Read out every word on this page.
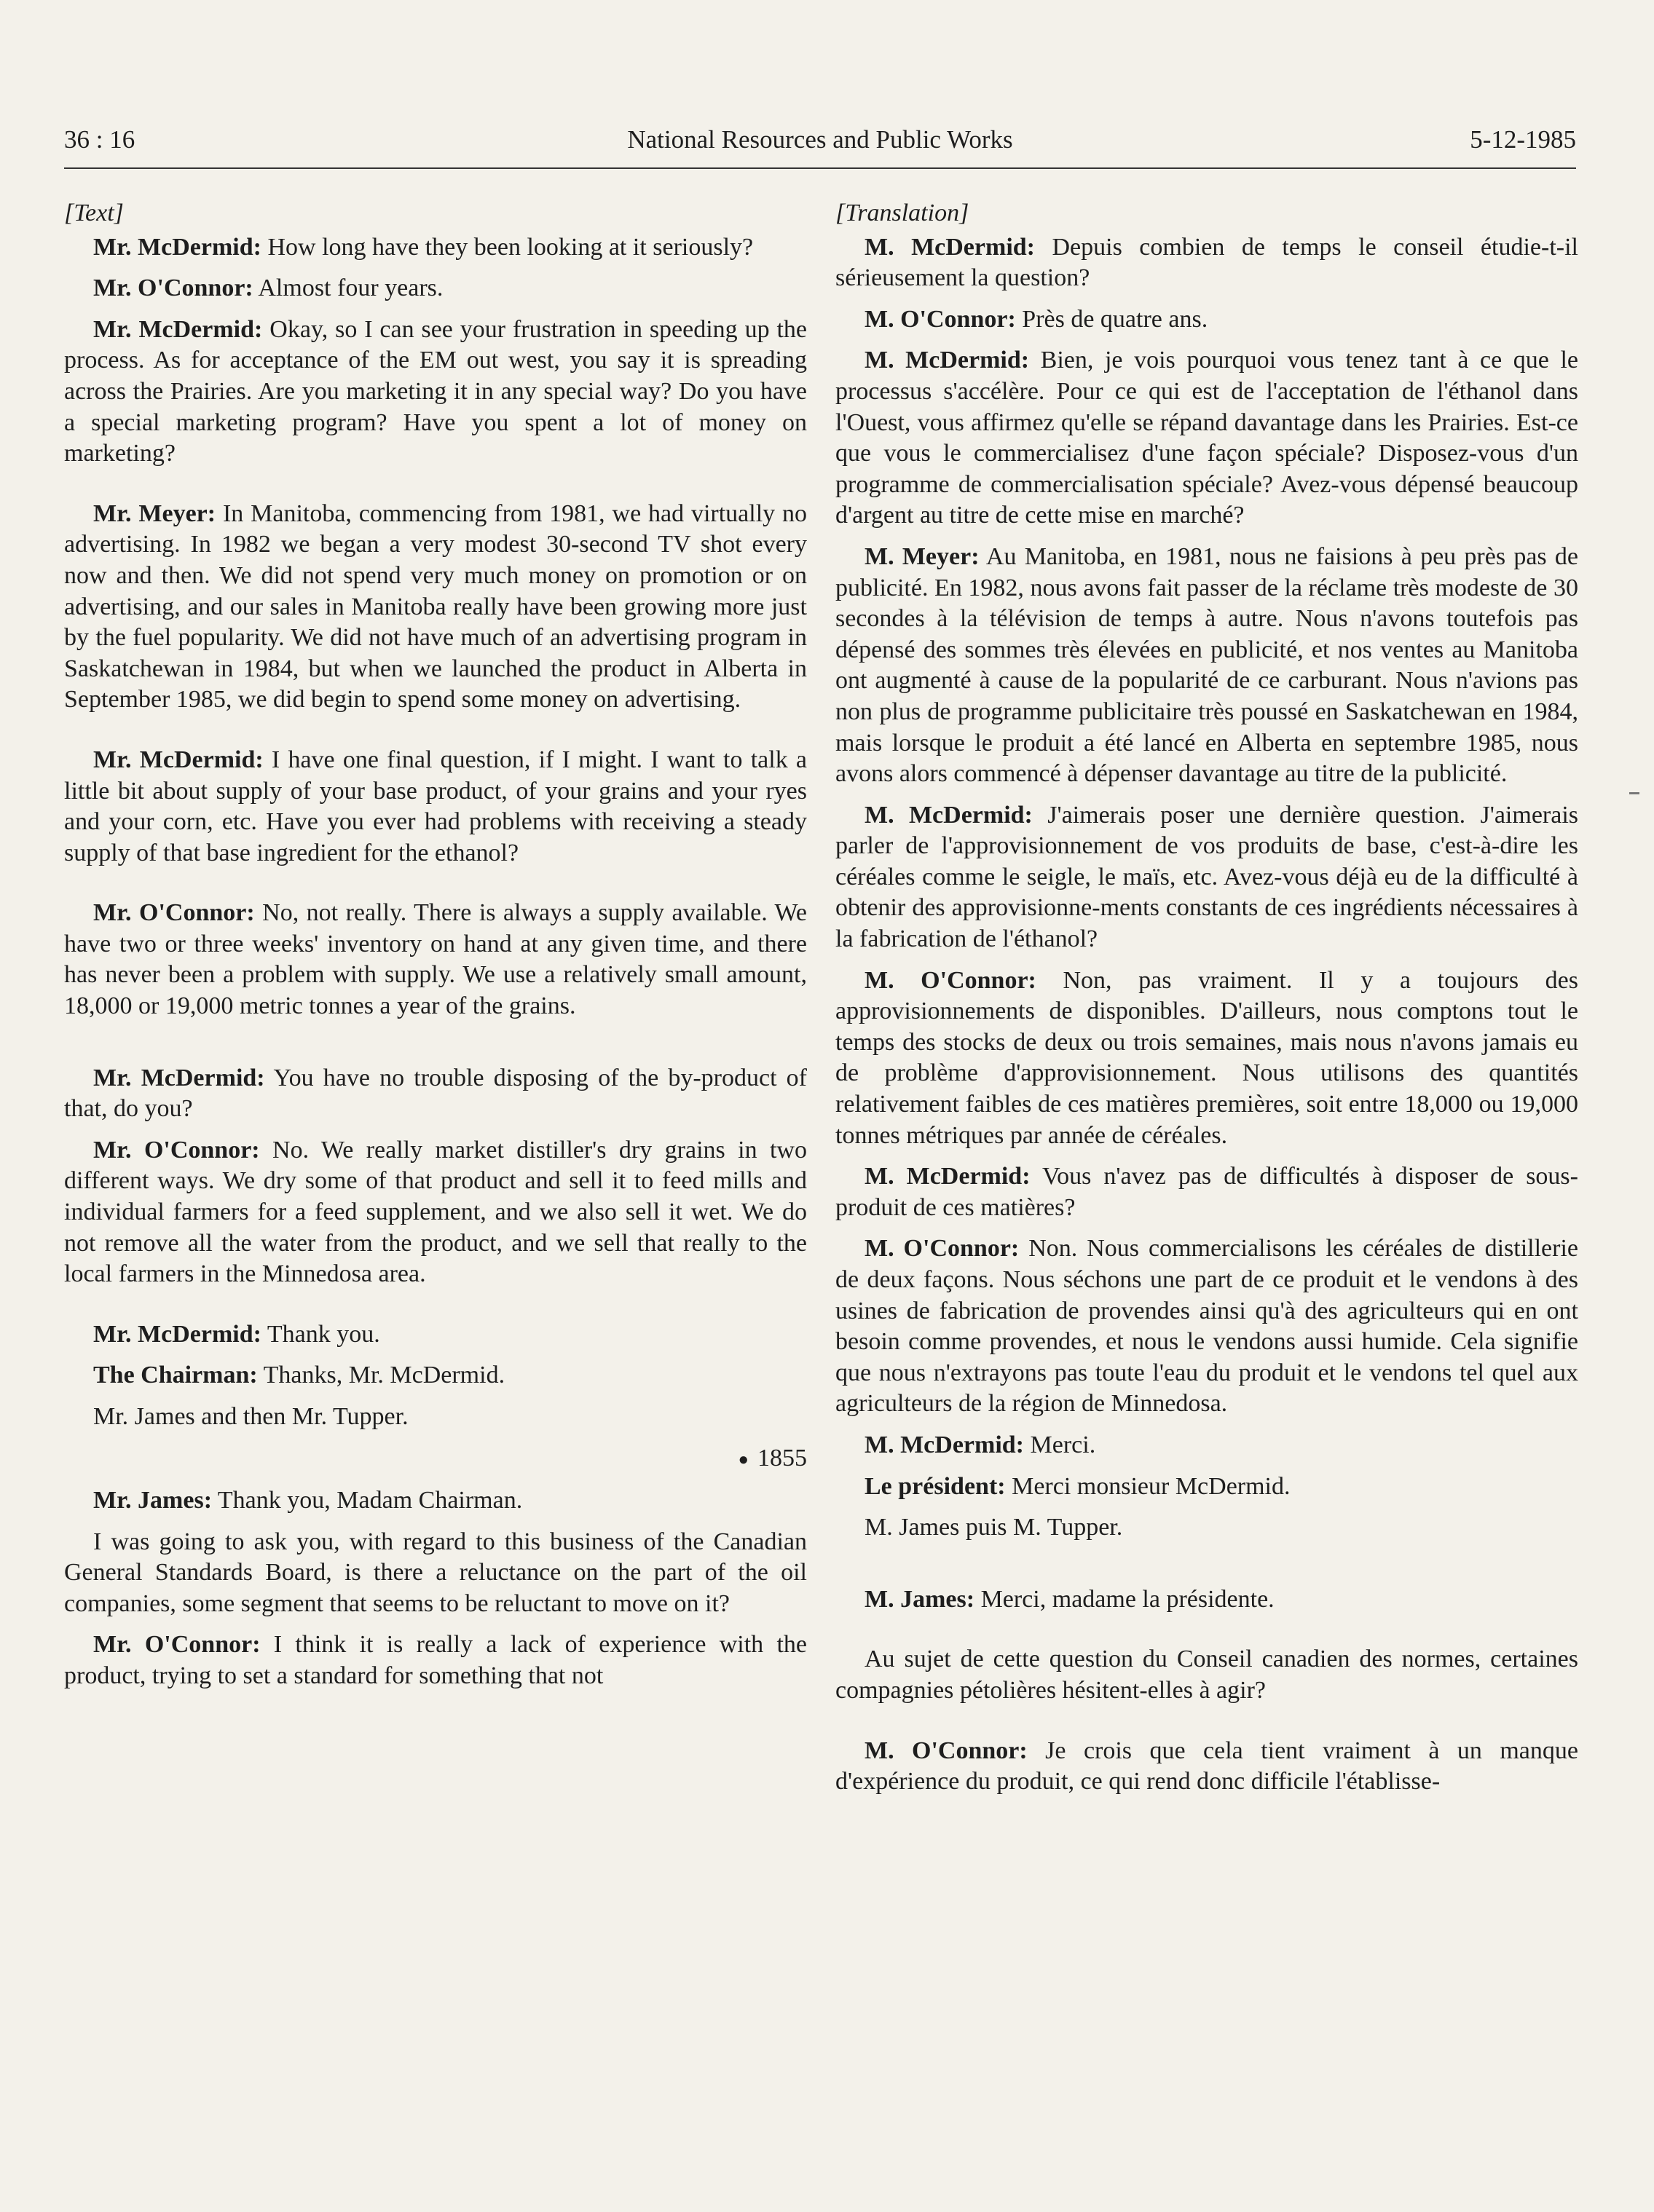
36 : 16	National Resources and Public Works	5-12-1985
[Text]

Mr. McDermid: How long have they been looking at it seriously?

Mr. O'Connor: Almost four years.

Mr. McDermid: Okay, so I can see your frustration in speeding up the process. As for acceptance of the EM out west, you say it is spreading across the Prairies. Are you marketing it in any special way? Do you have a special marketing program? Have you spent a lot of money on marketing?

Mr. Meyer: In Manitoba, commencing from 1981, we had virtually no advertising. In 1982 we began a very modest 30-second TV shot every now and then. We did not spend very much money on promotion or on advertising, and our sales in Manitoba really have been growing more just by the fuel popularity. We did not have much of an advertising program in Saskatchewan in 1984, but when we launched the product in Alberta in September 1985, we did begin to spend some money on advertising.

Mr. McDermid: I have one final question, if I might. I want to talk a little bit about supply of your base product, of your grains and your ryes and your corn, etc. Have you ever had problems with receiving a steady supply of that base ingredient for the ethanol?

Mr. O'Connor: No, not really. There is always a supply available. We have two or three weeks' inventory on hand at any given time, and there has never been a problem with supply. We use a relatively small amount, 18,000 or 19,000 metric tonnes a year of the grains.

Mr. McDermid: You have no trouble disposing of the by-product of that, do you?

Mr. O'Connor: No. We really market distiller's dry grains in two different ways. We dry some of that product and sell it to feed mills and individual farmers for a feed supplement, and we also sell it wet. We do not remove all the water from the product, and we sell that really to the local farmers in the Minnedosa area.

Mr. McDermid: Thank you.

The Chairman: Thanks, Mr. McDermid.

Mr. James and then Mr. Tupper.

● 1855

Mr. James: Thank you, Madam Chairman.

I was going to ask you, with regard to this business of the Canadian General Standards Board, is there a reluctance on the part of the oil companies, some segment that seems to be reluctant to move on it?

Mr. O'Connor: I think it is really a lack of experience with the product, trying to set a standard for something that not

[Translation]

M. McDermid: Depuis combien de temps le conseil étudie-t-il sérieusement la question?

M. O'Connor: Près de quatre ans.

M. McDermid: Bien, je vois pourquoi vous tenez tant à ce que le processus s'accélère. Pour ce qui est de l'acceptation de l'éthanol dans l'Ouest, vous affirmez qu'elle se répand davantage dans les Prairies. Est-ce que vous le commercialisez d'une façon spéciale? Disposez-vous d'un programme de commercialisation spéciale? Avez-vous dépensé beaucoup d'argent au titre de cette mise en marché?

M. Meyer: Au Manitoba, en 1981, nous ne faisions à peu près pas de publicité. En 1982, nous avons fait passer de la réclame très modeste de 30 secondes à la télévision de temps à autre. Nous n'avons toutefois pas dépensé des sommes très élevées en publicité, et nos ventes au Manitoba ont augmenté à cause de la popularité de ce carburant. Nous n'avions pas non plus de programme publicitaire très poussé en Saskatchewan en 1984, mais lorsque le produit a été lancé en Alberta en septembre 1985, nous avons alors commencé à dépenser davantage au titre de la publicité.

M. McDermid: J'aimerais poser une dernière question. J'aimerais parler de l'approvisionnement de vos produits de base, c'est-à-dire les céréales comme le seigle, le maïs, etc. Avez-vous déjà eu de la difficulté à obtenir des approvisionne-ments constants de ces ingrédients nécessaires à la fabrication de l'éthanol?

M. O'Connor: Non, pas vraiment. Il y a toujours des approvisionnements de disponibles. D'ailleurs, nous comptons tout le temps des stocks de deux ou trois semaines, mais nous n'avons jamais eu de problème d'approvisionnement. Nous utilisons des quantités relativement faibles de ces matières premières, soit entre 18,000 ou 19,000 tonnes métriques par année de céréales.

M. McDermid: Vous n'avez pas de difficultés à disposer de sous-produit de ces matières?

M. O'Connor: Non. Nous commercialisons les céréales de distillerie de deux façons. Nous séchons une part de ce produit et le vendons à des usines de fabrication de provendes ainsi qu'à des agriculteurs qui en ont besoin comme provendes, et nous le vendons aussi humide. Cela signifie que nous n'extrayons pas toute l'eau du produit et le vendons tel quel aux agriculteurs de la région de Minnedosa.

M. McDermid: Merci.

Le président: Merci monsieur McDermid.

M. James puis M. Tupper.

M. James: Merci, madame la présidente.

Au sujet de cette question du Conseil canadien des normes, certaines compagnies pétolières hésitent-elles à agir?

M. O'Connor: Je crois que cela tient vraiment à un manque d'expérience du produit, ce qui rend donc difficile l'établisse-
